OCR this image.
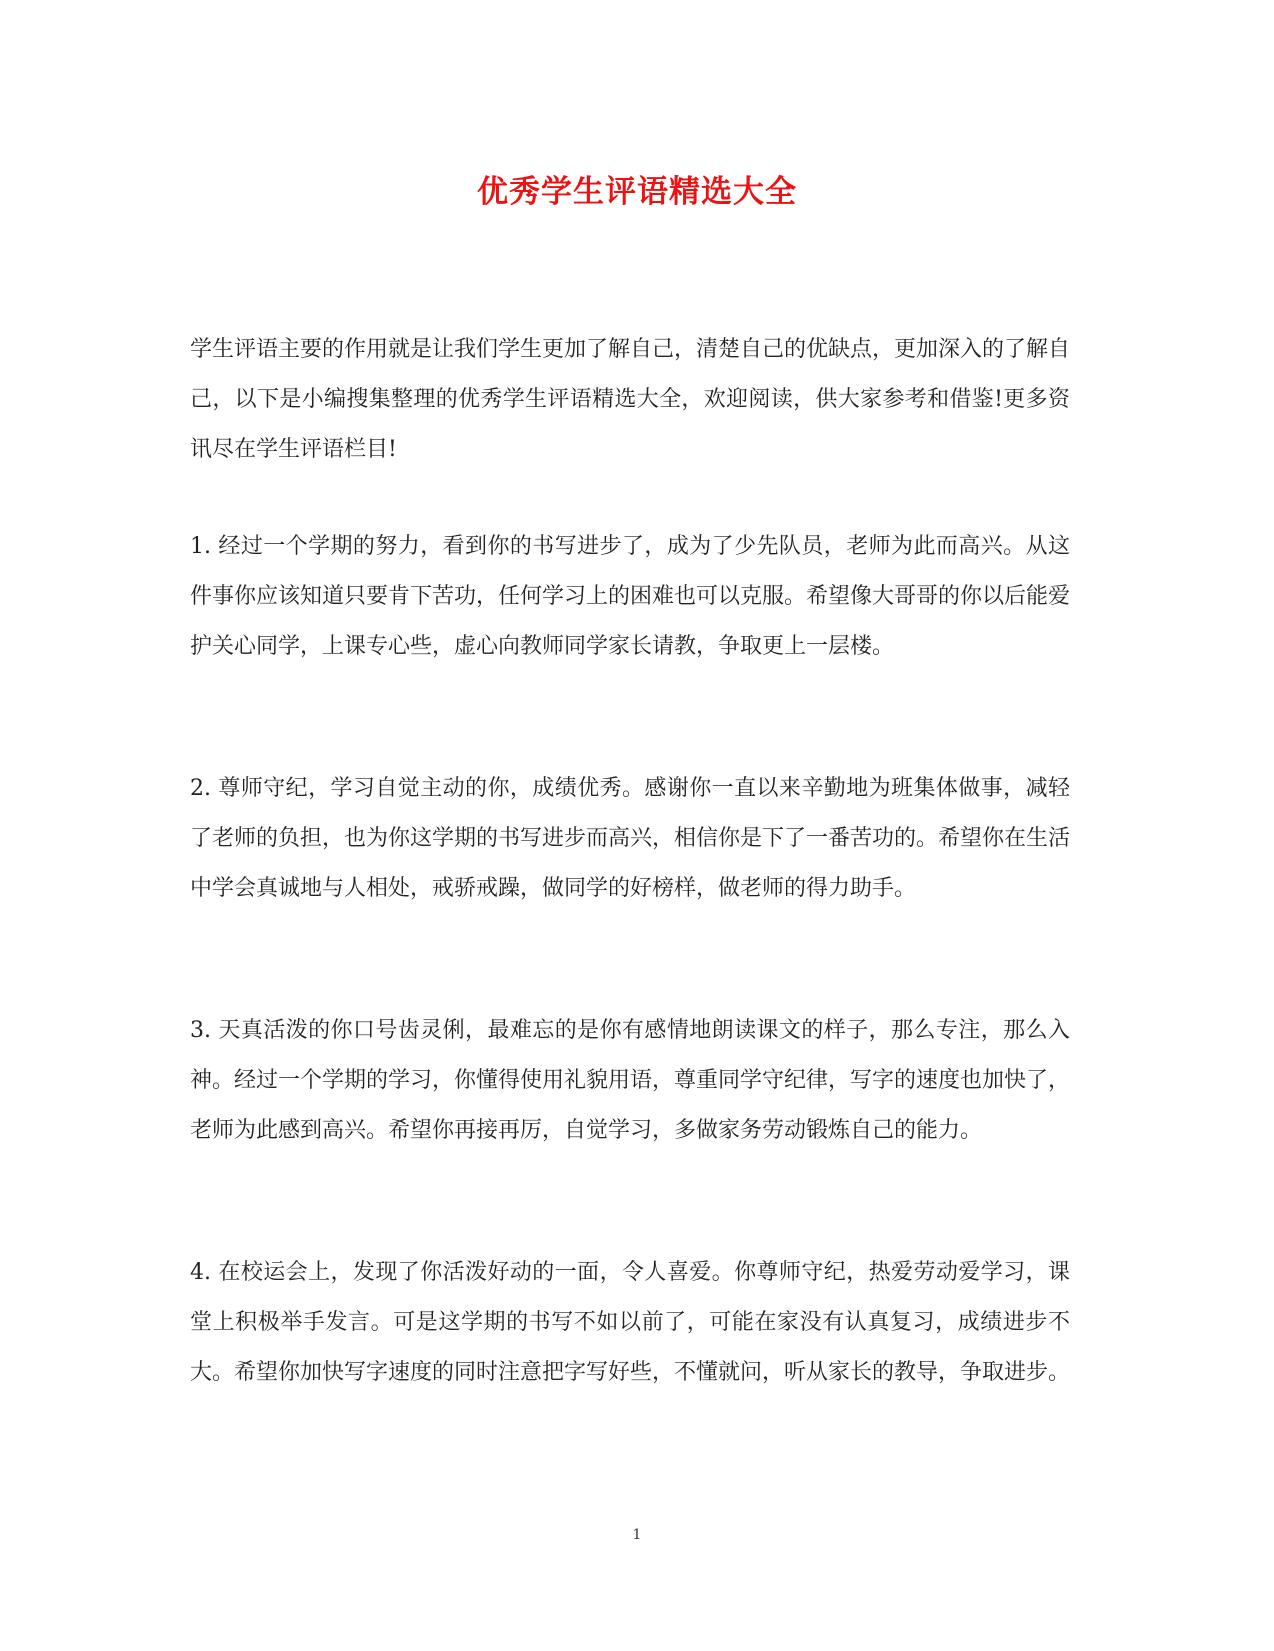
优秀学生评语精选大全

学生评语主要的作用就是让我们学生更加了解自己，清楚自己的优缺点，更加深入的了解自己，以下是小编搜集整理的优秀学生评语精选大全，欢迎阅读，供大家参考和借鉴!更多资讯尽在学生评语栏目!

1. 经过一个学期的努力，看到你的书写进步了，成为了少先队员，老师为此而高兴。从这件事你应该知道只要肯下苦功，任何学习上的困难也可以克服。希望像大哥哥的你以后能爱护关心同学，上课专心些，虚心向教师同学家长请教，争取更上一层楼。

2. 尊师守纪，学习自觉主动的你，成绩优秀。感谢你一直以来辛勤地为班集体做事，减轻了老师的负担，也为你这学期的书写进步而高兴，相信你是下了一番苦功的。希望你在生活中学会真诚地与人相处，戒骄戒躁，做同学的好榜样，做老师的得力助手。

3. 天真活泼的你口号齿灵俐，最难忘的是你有感情地朗读课文的样子，那么专注，那么入神。经过一个学期的学习，你懂得使用礼貌用语，尊重同学守纪律，写字的速度也加快了，老师为此感到高兴。希望你再接再厉，自觉学习，多做家务劳动锻炼自己的能力。

4. 在校运会上，发现了你活泼好动的一面，令人喜爱。你尊师守纪，热爱劳动爱学习，课堂上积极举手发言。可是这学期的书写不如以前了，可能在家没有认真复习，成绩进步不大。希望你加快写字速度的同时注意把字写好些，不懂就问，听从家长的教导，争取进步。

1
